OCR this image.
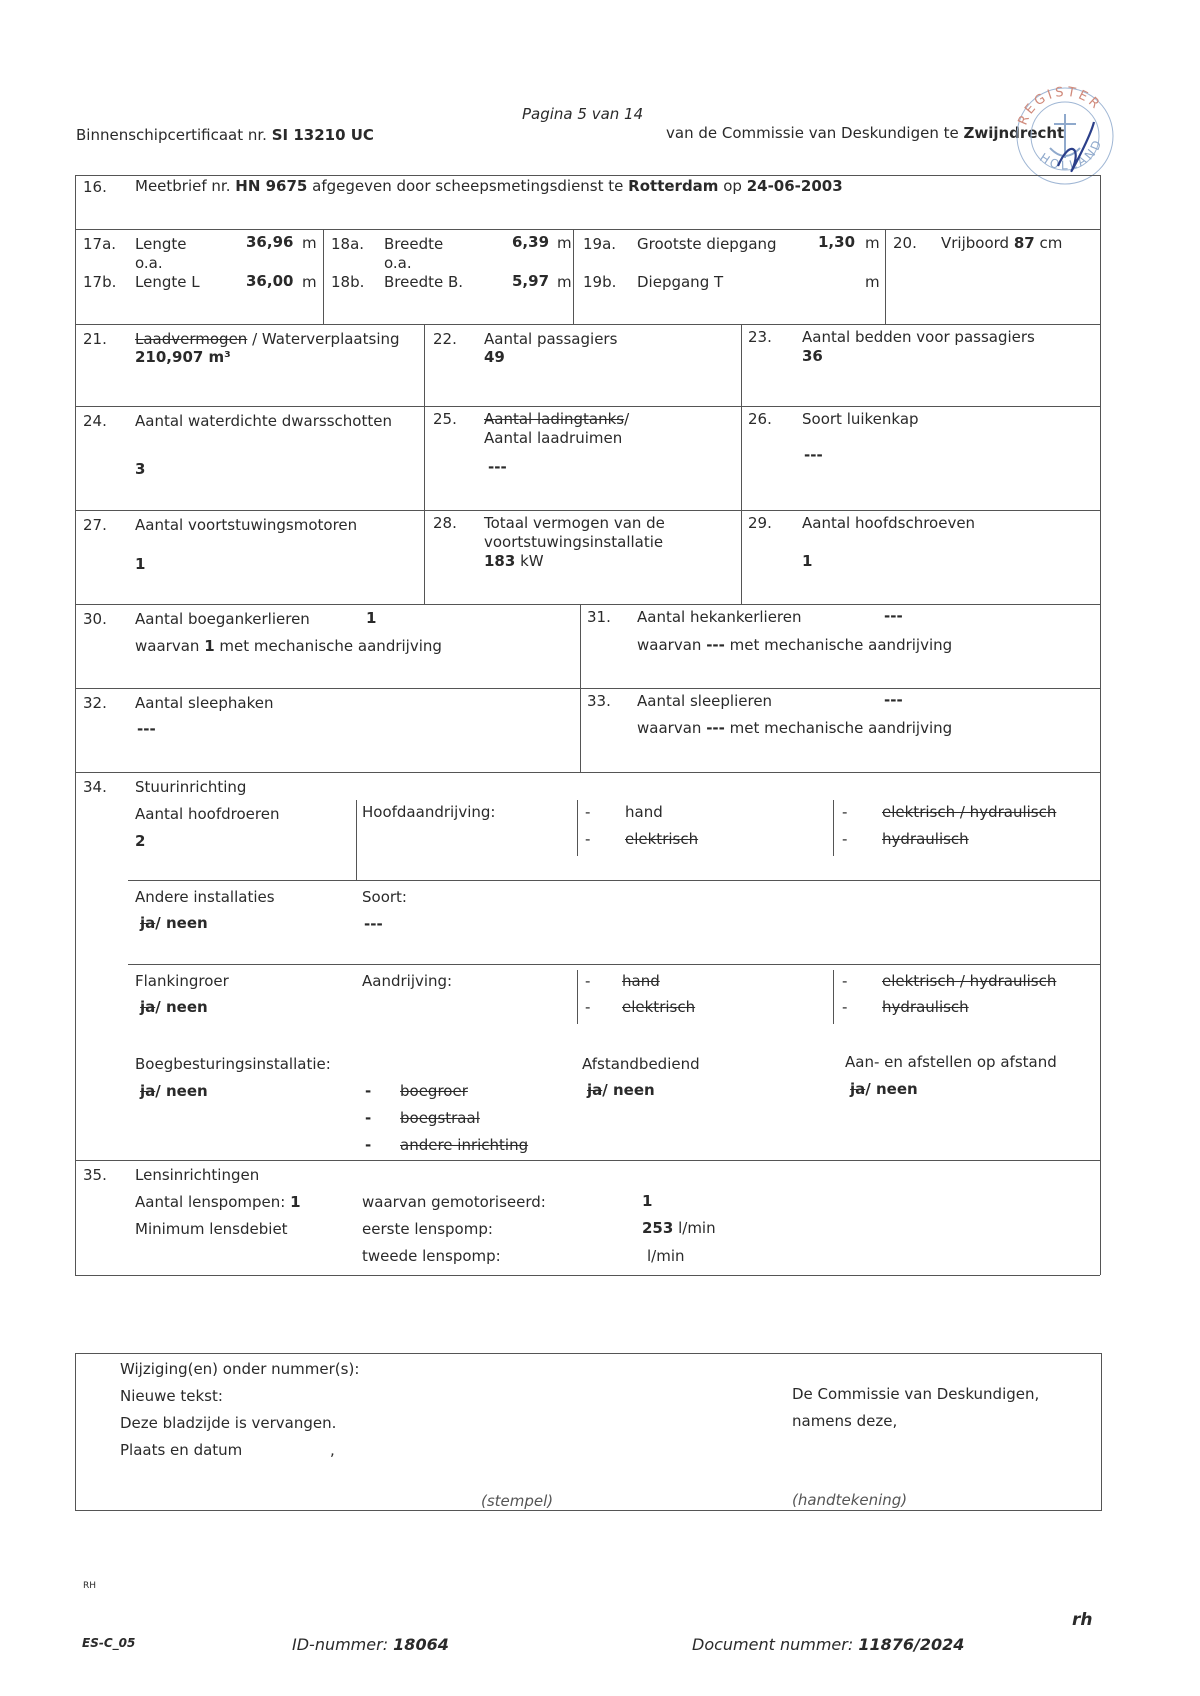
Binnenschipcertificaat nr. SI 13210 UC
Pagina 5 van 14
van de Commissie van Deskundigen te Zwijndrecht
REGISTER
HOLLAND
16. Meetbrief nr. HN 9675 afgegeven door scheepsmetingsdienst te Rotterdam op 24-06-2003
17a. Lengte	36,96 m
o.a.
17b. Lengte L	36,00 m
18a. Breedte	6,39 m
o.a.
18b. Breedte B.	5,97 m
19a. Grootste diepgang	1,30 m
19b. Diepgang T	m
20. Vrijboord 87 cm
21. Laadvermogen / Waterverplaatsing
210,907 m³
22. Aantal passagiers
49
23. Aantal bedden voor passagiers
36
24. Aantal waterdichte dwarsschotten
3
25. Aantal ladingtanks/
Aantal laadruimen
---
26. Soort luikenkap
---
27. Aantal voortstuwingsmotoren
1
28. Totaal vermogen van de
voortstuwingsinstallatie
183 kW
29. Aantal hoofdschroeven
1
30. Aantal boegankerlieren	1
waarvan 1 met mechanische aandrijving
31. Aantal hekankerlieren	---
waarvan --- met mechanische aandrijving
32. Aantal sleephaken
---
33. Aantal sleeplieren	---
waarvan --- met mechanische aandrijving
34. Stuurinrichting
Aantal hoofdroeren
2
Hoofdaandrijving:	- hand
- elektrisch
- elektrisch / hydraulisch
- hydraulisch
Andere installaties
ja/ neen
Soort:
---
Flankingroer
ja/ neen
Aandrijving:	- hand
- elektrisch
- elektrisch / hydraulisch
- hydraulisch
Boegbesturingsinstallatie:
ja/ neen	- boegroer
- boegstraal
- andere inrichting
Afstandbediend
ja/ neen
Aan- en afstellen op afstand
ja/ neen
35. Lensinrichtingen
Aantal lenspompen: 1
Minimum lensdebiet
waarvan gemotoriseerd:	1
eerste lenspomp:	253 l/min
tweede lenspomp:	l/min
Wijziging(en) onder nummer(s):
Nieuwe tekst:
Deze bladzijde is vervangen.
Plaats en datum	,
De Commissie van Deskundigen,
namens deze,
(stempel)	(handtekening)
RH
ES-C_05	ID-nummer: 18064	Document nummer: 11876/2024
rh
